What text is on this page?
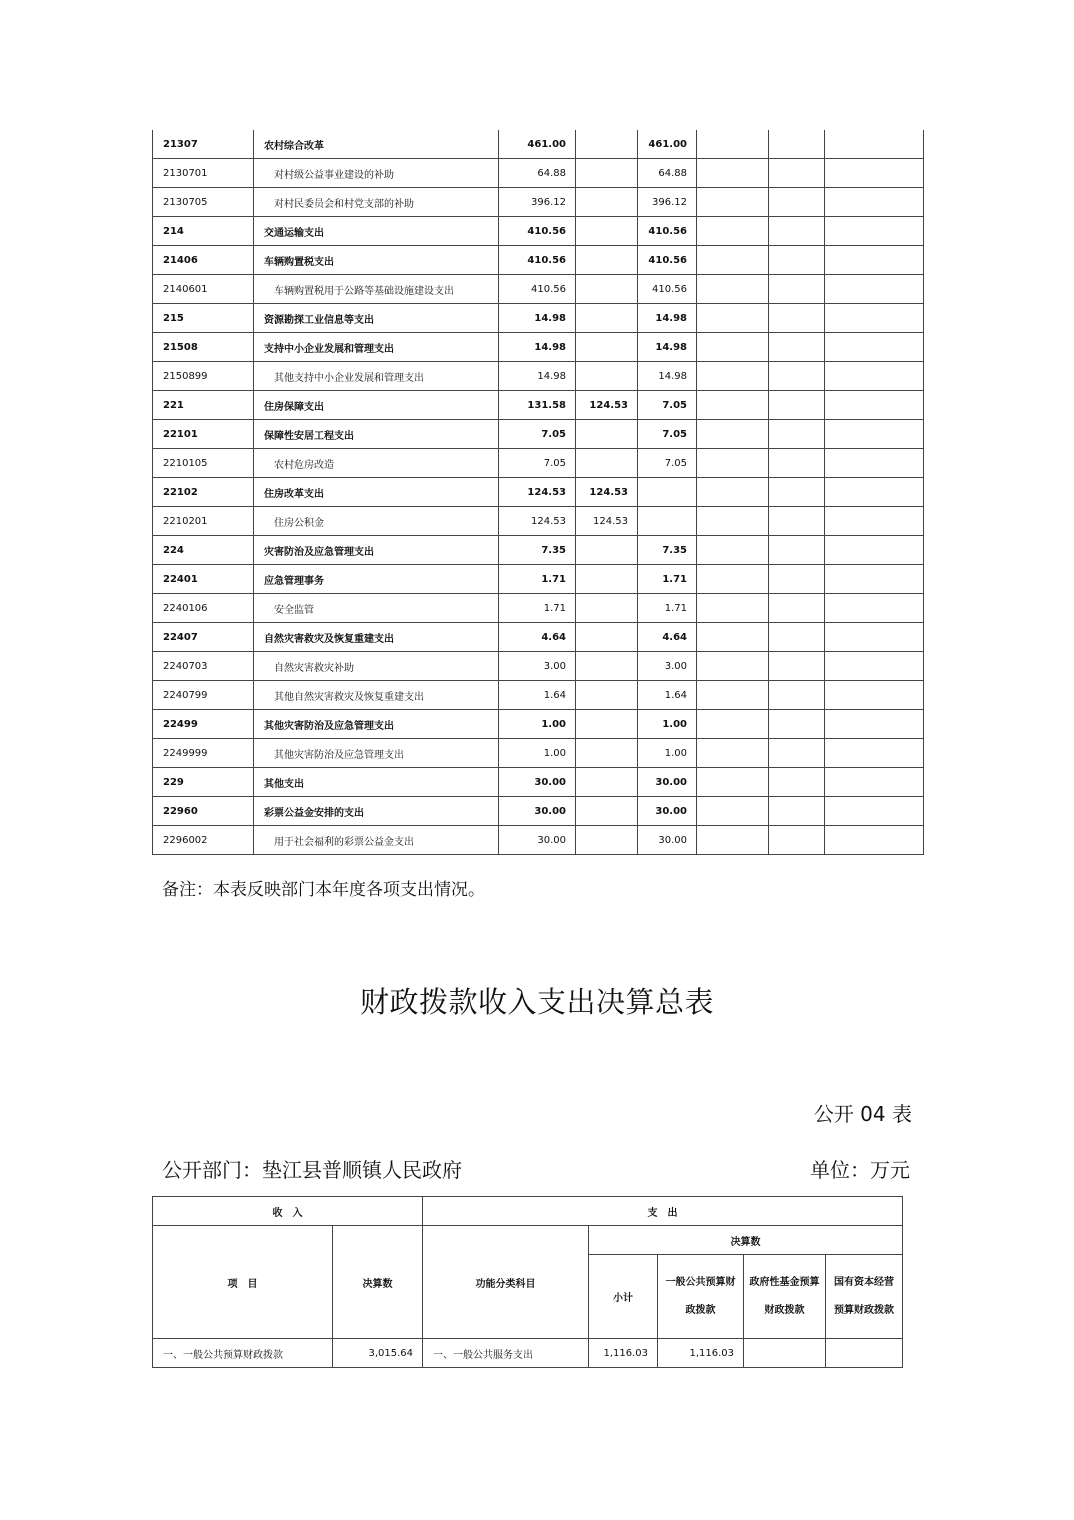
21307	农村综合改革	461.00		461.00			
2130701	对村级公益事业建设的补助	64.88		64.88			
2130705	对村民委员会和村党支部的补助	396.12		396.12			
214	交通运输支出	410.56		410.56			
21406	车辆购置税支出	410.56		410.56			
2140601	车辆购置税用于公路等基础设施建设支出	410.56		410.56			
215	资源勘探工业信息等支出	14.98		14.98			
21508	支持中小企业发展和管理支出	14.98		14.98			
2150899	其他支持中小企业发展和管理支出	14.98		14.98			
221	住房保障支出	131.58	124.53	7.05			
22101	保障性安居工程支出	7.05		7.05			
2210105	农村危房改造	7.05		7.05			
22102	住房改革支出	124.53	124.53				
2210201	住房公积金	124.53	124.53				
224	灾害防治及应急管理支出	7.35		7.35			
22401	应急管理事务	1.71		1.71			
2240106	安全监管	1.71		1.71			
22407	自然灾害救灾及恢复重建支出	4.64		4.64			
2240703	自然灾害救灾补助	3.00		3.00			
2240799	其他自然灾害救灾及恢复重建支出	1.64		1.64			
22499	其他灾害防治及应急管理支出	1.00		1.00			
2249999	其他灾害防治及应急管理支出	1.00		1.00			
229	其他支出	30.00		30.00			
22960	彩票公益金安排的支出	30.00		30.00			
2296002	用于社会福利的彩票公益金支出	30.00		30.00			
备注：本表反映部门本年度各项支出情况。
财政拨款收入支出决算总表
公开 04 表
公开部门：垫江县普顺镇人民政府	单位：万元
收　入		支　出				
项　目	决算数	功能分类科目	决算数			
			小计	一般公共预算财政拨款	政府性基金预算财政拨款	国有资本经营预算财政拨款

一、一般公共预算财政拨款	3,015.64	一、一般公共服务支出	1,116.03	1,116.03		
